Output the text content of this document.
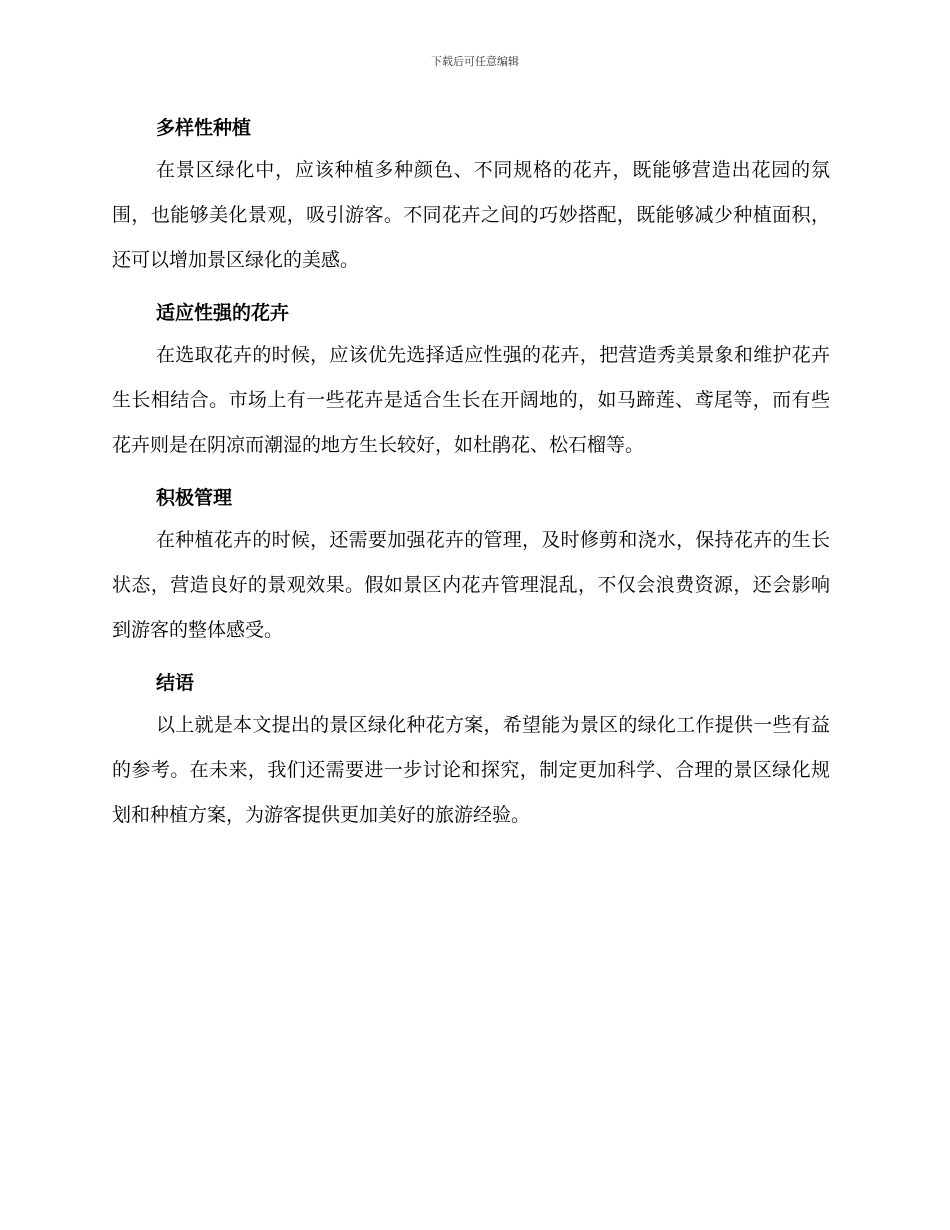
下载后可任意编辑
多样性种植

在景区绿化中，应该种植多种颜色、不同规格的花卉，既能够营造出花园的氛围，也能够美化景观，吸引游客。不同花卉之间的巧妙搭配，既能够减少种植面积，还可以增加景区绿化的美感。

适应性强的花卉

在选取花卉的时候，应该优先选择适应性强的花卉，把营造秀美景象和维护花卉生长相结合。市场上有一些花卉是适合生长在开阔地的，如马蹄莲、鸢尾等，而有些花卉则是在阴凉而潮湿的地方生长较好，如杜鹃花、松石榴等。

积极管理

在种植花卉的时候，还需要加强花卉的管理，及时修剪和浇水，保持花卉的生长状态，营造良好的景观效果。假如景区内花卉管理混乱，不仅会浪费资源，还会影响到游客的整体感受。

结语

以上就是本文提出的景区绿化种花方案，希望能为景区的绿化工作提供一些有益的参考。在未来，我们还需要进一步讨论和探究，制定更加科学、合理的景区绿化规划和种植方案，为游客提供更加美好的旅游经验。
